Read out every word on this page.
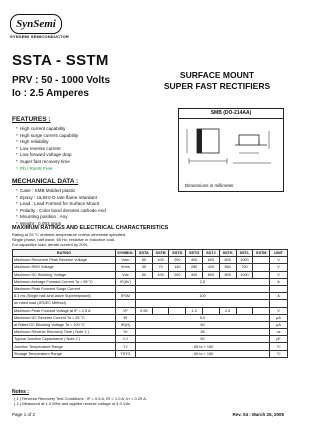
SynSemi
SYNSEMI SEMICONDUCTOR
SSTA - SSTM
PRV : 50 - 1000 Volts
Io : 2.5 Amperes
SURFACE MOUNT
SUPER FAST RECTIFIERS
SMB (DO-214AA)
Dimensions in millimeter
FEATURES :
* High current capability
* High surge current capability
* High reliability
* Low reverse current
* Low forward voltage drop
* Super fast recovery time
* Pb / RoHS Free
MECHANICAL DATA :
* Case : SMB Molded plastic
* Epoxy : UL94V-O rate flame retardant
* Lead : Lead Formed for Surface Mount
* Polarity : Color band denotes cathode end
* Mounting position : Any
* Weight : 0.093 gram
MAXIMUM RATINGS AND ELECTRICAL CHARACTERISTICS
Rating at 25 °C ambient temperature unless otherwise specified.
Single phase, half wave, 60 Hz, resistive or inductive load.
For capacitive load, derate current by 20%.
RATING	SYMBOL	SSTA	SSTB	SSTD	SSTG	SSTJ	SSTK	SSTL	SSTM	UNIT
Maximum Recurrent Peak Reverse Voltage	Vrrm	50	100	200	400	600	800	1000		V
Maximum RMS Voltage	Vrms	35	70	140	280	420	560	700		V
Maximum DC Blocking Voltage	Vdc	50	100	200	400	600	800	1000		V
Maximum Average Forward Current Ta = 55 °C	IF(AV)	2.5								A
Maximum Peak Forward Surge Current										
8.3 ms (Single half-sine-wave Superimposed)	IFSM	100								A
on rated load (JEDEC Method)										
Maximum Peak Forward Voltage at IF = 2.5 A	VF	0.95			1.3		2.5			V
Maximum DC Reverse Current Ta = 25 °C	IR	5.0								µA
at Rated DC Blocking Voltage Ta = 100 °C	IR(H)	50								µA
Maximum Reverse Recovery Time ( Note 1 )	Trr	35								ns
Typical Junction Capacitance ( Note 2 )	CJ	50								pF
Junction Temperature Range	TJ	- 65 to + 150								°C
Storage Temperature Range	TSTG	- 65 to + 150								°C
Notes :
( 1 ) Reverse Recovery Test Conditions : IF = 0.5 A, IR = 1.0 A, Irr = 0.25 A.
( 2 ) Measured at 1.0 MHz and applied reverse voltage of 4.0 Vdc.
Page 1 of 2	Rev. 04 : March 25, 2005
